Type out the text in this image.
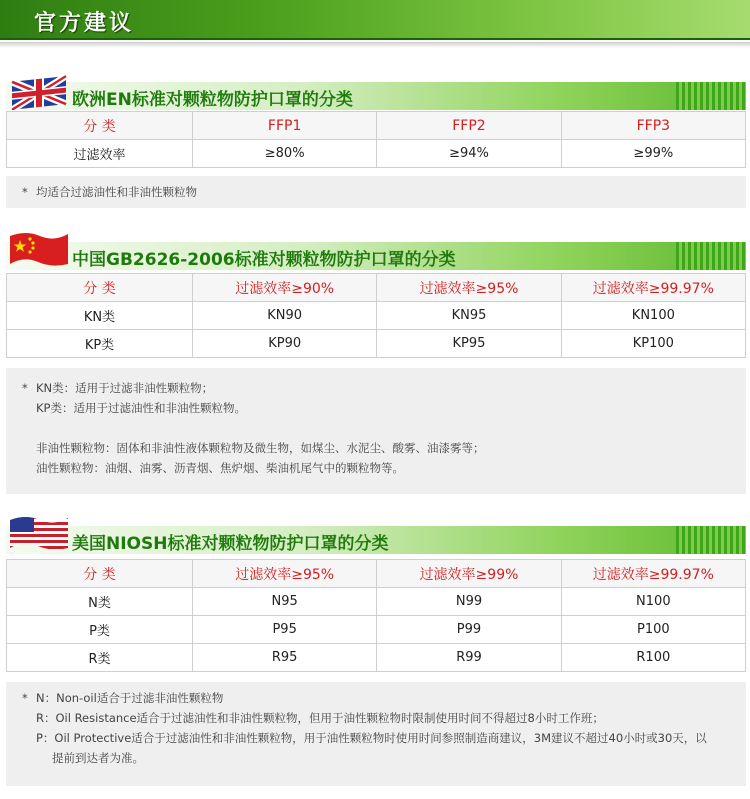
官方建议
欧洲EN标准对颗粒物防护口罩的分类
分 类	FFP1	FFP2	FFP3
过滤效率	≥80%	≥94%	≥99%
* 均适合过滤油性和非油性颗粒物
中国GB2626-2006标准对颗粒物防护口罩的分类
分 类	过滤效率≥90%	过滤效率≥95%	过滤效率≥99.97%
KN类	KN90	KN95	KN100
KP类	KP90	KP95	KP100
* KN类：适用于过滤非油性颗粒物；
KP类：适用于过滤油性和非油性颗粒物。
非油性颗粒物：固体和非油性液体颗粒物及微生物，如煤尘、水泥尘、酸雾、油漆雾等；
油性颗粒物：油烟、油雾、沥青烟、焦炉烟、柴油机尾气中的颗粒物等。
美国NIOSH标准对颗粒物防护口罩的分类
分 类	过滤效率≥95%	过滤效率≥99%	过滤效率≥99.97%
N类	N95	N99	N100
P类	P95	P99	P100
R类	R95	R99	R100
* N：Non-oil适合于过滤非油性颗粒物
R：Oil Resistance适合于过滤油性和非油性颗粒物，但用于油性颗粒物时限制使用时间不得超过8小时工作班；
P：Oil Protective适合于过滤油性和非油性颗粒物，用于油性颗粒物时使用时间参照制造商建议，3M建议不超过40小时或30天，以
提前到达者为准。
